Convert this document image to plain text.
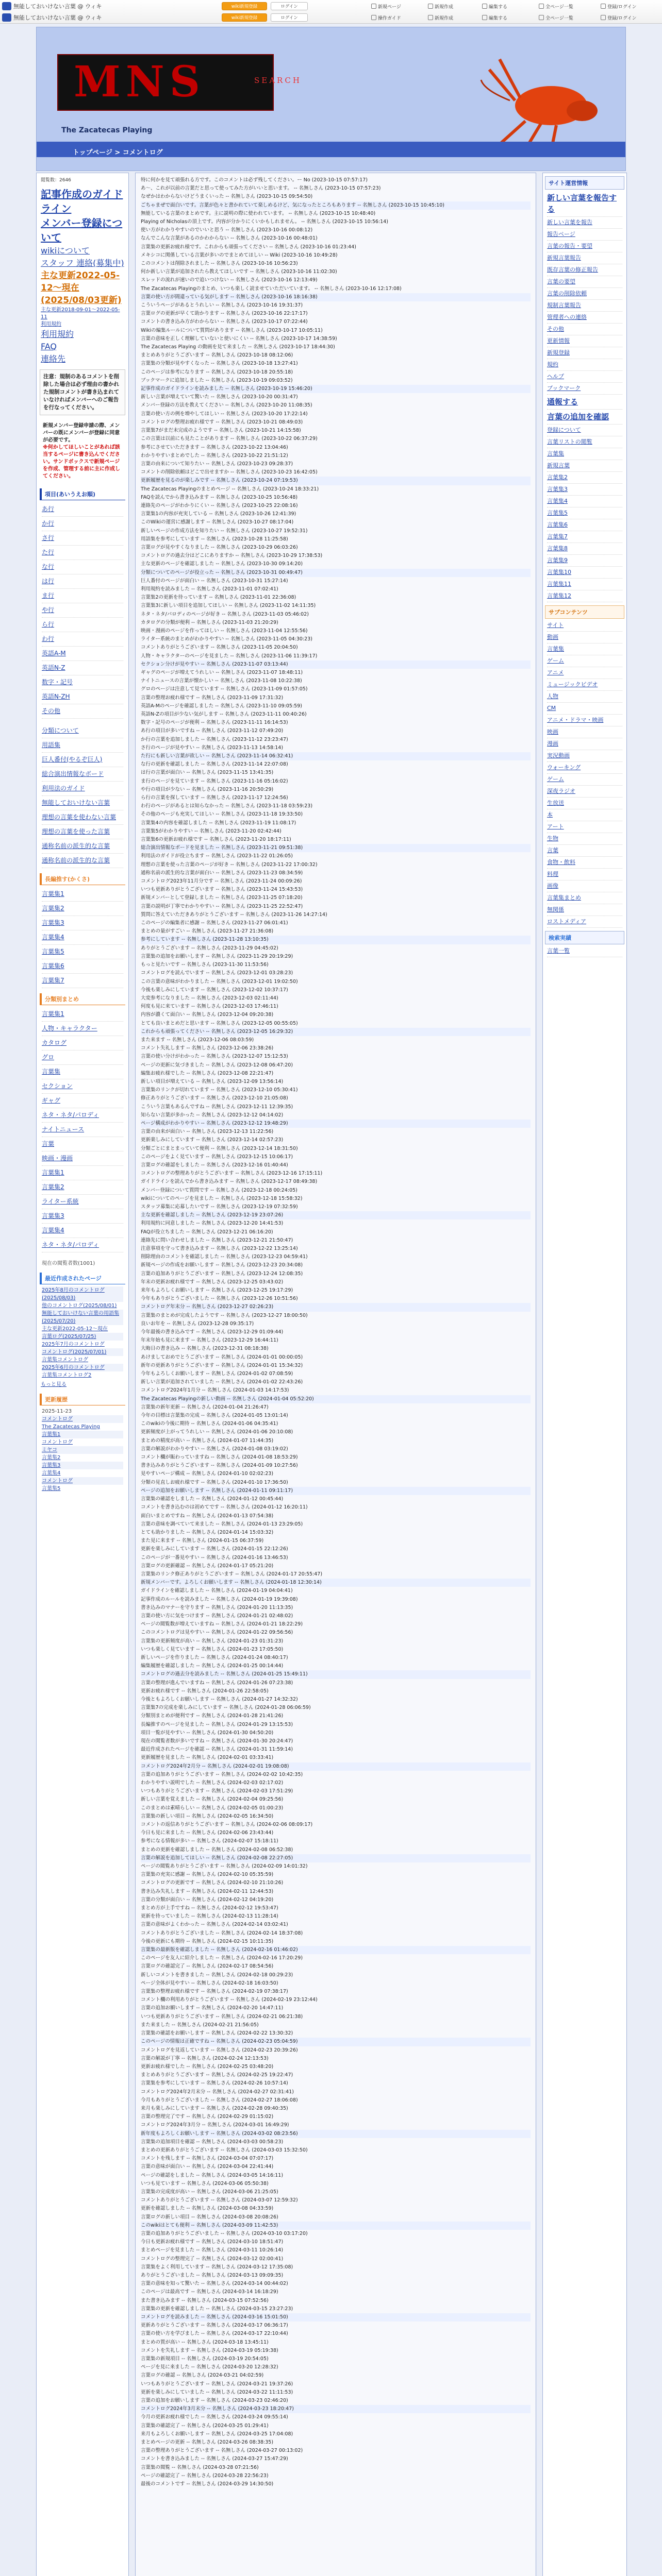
無能しておいけない言葉 @ ウィキ	wiki新規登録	ログイン	新規ページ	新規作成	編集する	全ページ一覧	登録/ログイン
無能しておいけない言葉 @ ウィキ	wiki新規登録	ログイン	操作ガイド	新規作成	編集する	全ページ一覧	登録/ログイン
MNS	SEARCH
The Zacatecas Playing
トップページ > コメントログ
閲覧数：2646
記事作成のガイドライン
メンバー登録について
wikiについて
スタッフ 連絡(募集中)
主な更新2022-05-12～現在(2025/08/03更新)
主な更新2018-09-01～2022-05-11
利用規約
利用規約
FAQ
連絡先
注意：規制のあるコメントを削除した場合は必ず理由の書かれた規制コメントが書き込まれていなければメンバーへのご報告を行なってください。
新規メンバー登録申請の際、メンバーの既にメンバーが登録に同意が必要です。
※何かしてほしいことがあれば該当するページに書き込んでください。サンドボックスで新規ページを作成、管理する前に主に作成してください。
項目(あいうえお順)
あ行
か行
さ行
た行
な行
は行
ま行
や行
ら行
わ行
英語A-M
英語N-Z
数字・記号
英語N-ZH
その他
分類について
用語集
巨人番付(やるぞ巨人)
総合演出情報なボード
利用法のガイド
無能しておいけない言葉
理想の言葉を使わない言葉
理想の言葉を使った言葉
通称名前の派生的な言葉
通称名前の派生的な言葉
長編推す(かくさ)
言葉集1
言葉集2
言葉集3
言葉集4
言葉集5
言葉集6
言葉集7
分類別まとめ
言葉集1
人物・キャラクター
カタログ
グロ
言葉集
セクション
ギャグ
ネタ・ネタ/パロディ
ナイトニュース
言葉
映画・漫画
言葉集1
言葉集2
ライター系統
言葉集3
言葉集4
ネタ・ネタ/パロディ
現在の閲覧者数(1001)
最近作成されたページ
2025年8月のコメントログ(2025/08/03)
他のコメントログ(2025/08/01)
無能しておいけない言葉の用語集(2025/07/20)
主な更新2022-05-12～現在
言葉ログ(2025/07/25)
2025年7月のコメントログ
コメントログ(2025/07/01)
言葉集コメントログ
2025年6月のコメントログ
言葉集コメントログ2
もっと見る
更新履歴
2025-11-23
コメントログ
The Zacatecas Playing
言葉集1
コメントログ
ミヤコ
言葉集2
言葉集3
言葉集4
コメントログ
言葉集5
特に何かを見て頑張れる方です。このコメントは必ず残してください。ー No (2023-10-15 07:57:17)
あ〜、これが以前の言葉だと思って使ってみた方がいいと思います。 -- 名無しさん (2023-10-15 07:57:23)
なぜかはわからないけどうまくいった -- 名無しさん (2023-10-15 09:54:50)
ごちゃまぜで面白いです。言葉が色々と書かれていて楽しめるけど、気になったところもあります -- 名無しさん (2023-10-15 10:45:10)
無能している言葉のまとめです。主に説明の際に使われています。 -- 名無しさん (2023-10-15 10:48:40)
Playing of Nicholasの頂上です。内容が分かりにくいかもしれません。 -- 名無しさん (2023-10-15 10:56:14)
使い方がわかりやすいのでいいと思う -- 名無しさん (2023-10-16 00:08:12)
なんでこんな言葉があるのかわからない -- 名無しさん (2023-10-16 00:48:01)
言葉集の更新お疲れ様です。これからも頑張ってください -- 名無しさん (2023-10-16 01:23:44)
メキシコに関係している言葉が多いのでまとめてほしい -- Wiki (2023-10-16 10:49:28)
このコメントは削除されました -- 名無しさん (2023-10-16 10:56:23)
何か新しい言葉が追加されたら教えてほしいです -- 名無しさん (2023-10-16 11:02:30)
スレッドの流れが速いので追いつけない -- 名無しさん (2023-10-16 12:13:49)
The Zacatecas Playingのまとめ、いつも楽しく読ませていただいています。 -- 名無しさん (2023-10-16 12:17:08)
言葉の使い方が間違っている気がします -- 名無しさん (2023-10-16 18:16:38)
こういうページがあるとうれしい -- 名無しさん (2023-10-16 19:31:37)
言葉ログの更新が早くて助かります -- 名無しさん (2023-10-16 22:17:17)
コメントの書き込み方がわからない -- 名無しさん (2023-10-17 07:22:44)
Wikiの編集ルールについて質問があります -- 名無しさん (2023-10-17 10:05:11)
言葉の意味を正しく理解していないと使いにくい -- 名無しさん (2023-10-17 14:38:59)
The Zacatecas Playing の動画を見て来ました -- 名無しさん (2023-10-17 18:44:30)
まとめありがとうございます -- 名無しさん (2023-10-18 08:12:06)
言葉集の分類が見やすくなった -- 名無しさん (2023-10-18 13:27:41)
このページは参考になります -- 名無しさん (2023-10-18 20:55:18)
ブックマークに追加しました -- 名無しさん (2023-10-19 09:03:52)
記事作成のガイドラインを読みました -- 名無しさん (2023-10-19 15:46:20)
新しい言葉が増えていて驚いた -- 名無しさん (2023-10-20 00:31:47)
メンバー登録の方法を教えてください -- 名無しさん (2023-10-20 11:08:35)
言葉の使い方の例を増やしてほしい -- 名無しさん (2023-10-20 17:22:14)
コメントログの整理お疲れ様です -- 名無しさん (2023-10-21 08:49:03)
言葉集7がまだ未完成のようです -- 名無しさん (2023-10-21 14:15:58)
この言葉は以前にも見たことがあります -- 名無しさん (2023-10-22 06:37:29)
参考にさせていただきます -- 名無しさん (2023-10-22 13:04:46)
わかりやすいまとめでした -- 名無しさん (2023-10-22 21:51:12)
言葉の由来について知りたい -- 名無しさん (2023-10-23 09:28:37)
コメントの削除依頼はどこで出せますか -- 名無しさん (2023-10-23 16:42:05)
更新履歴を見るのが楽しみです -- 名無しさん (2023-10-24 07:19:53)
The Zacatecas Playingのまとめページ -- 名無しさん (2023-10-24 18:33:21)
FAQを読んでから書き込みます -- 名無しさん (2023-10-25 10:56:48)
連絡先のページがわかりにくい -- 名無しさん (2023-10-25 22:08:16)
言葉集1の内容が充実している -- 名無しさん (2023-10-26 12:41:39)
このWikiの運営に感謝します -- 名無しさん (2023-10-27 08:17:04)
新しいページの作成方法を知りたい -- 名無しさん (2023-10-27 19:52:31)
用語集を参考にしています -- 名無しさん (2023-10-28 11:25:58)
言葉ログが見やすくなりました -- 名無しさん (2023-10-29 06:03:26)
コメントログの過去分はどこにありますか -- 名無しさん (2023-10-29 17:38:53)
主な更新のページを確認しました -- 名無しさん (2023-10-30 09:14:20)
分類についてのページが役立った -- 名無しさん (2023-10-31 00:49:47)
巨人番付のページが面白い -- 名無しさん (2023-10-31 15:27:14)
利用規約を読みました -- 名無しさん (2023-11-01 07:02:41)
言葉集2の更新を待っています -- 名無しさん (2023-11-01 22:36:08)
言葉集3に新しい項目を追加してほしい -- 名無しさん (2023-11-02 14:11:35)
ネタ・ネタ/パロディのページが好き -- 名無しさん (2023-11-03 05:46:02)
カタログの分類が便利 -- 名無しさん (2023-11-03 21:20:29)
映画・漫画のページを作ってほしい -- 名無しさん (2023-11-04 12:55:56)
ライター系統のまとめがわかりやすい -- 名無しさん (2023-11-05 04:30:23)
コメントありがとうございます -- 名無しさん (2023-11-05 20:04:50)
人物・キャラクターのページを見ました -- 名無しさん (2023-11-06 11:39:17)
セクション分けが見やすい -- 名無しさん (2023-11-07 03:13:44)
ギャグのページが増えてうれしい -- 名無しさん (2023-11-07 18:48:11)
ナイトニュースの言葉が懐かしい -- 名無しさん (2023-11-08 10:22:38)
グロのページは注意して見ています -- 名無しさん (2023-11-09 01:57:05)
言葉の整理お疲れ様です -- 名無しさん (2023-11-09 17:31:32)
英語A-Mのページを確認しました -- 名無しさん (2023-11-10 09:05:59)
英語N-Zの項目が少ない気がします -- 名無しさん (2023-11-11 00:40:26)
数字・記号のページが便利 -- 名無しさん (2023-11-11 16:14:53)
あ行の項目が多いですね -- 名無しさん (2023-11-12 07:49:20)
か行の言葉を追加しました -- 名無しさん (2023-11-12 23:23:47)
さ行のページが見やすい -- 名無しさん (2023-11-13 14:58:14)
た行にも新しい言葉が欲しい -- 名無しさん (2023-11-14 06:32:41)
な行の更新を確認しました -- 名無しさん (2023-11-14 22:07:08)
は行の言葉が面白い -- 名無しさん (2023-11-15 13:41:35)
ま行のページを見ています -- 名無しさん (2023-11-16 05:16:02)
や行の項目が少ない -- 名無しさん (2023-11-16 20:50:29)
ら行の言葉を探しています -- 名無しさん (2023-11-17 12:24:56)
わ行のページがあるとは知らなかった -- 名無しさん (2023-11-18 03:59:23)
その他のページも充実してほしい -- 名無しさん (2023-11-18 19:33:50)
言葉集4の内容を確認しました -- 名無しさん (2023-11-19 11:08:17)
言葉集5がわかりやすい -- 名無しさん (2023-11-20 02:42:44)
言葉集6の更新お疲れ様です -- 名無しさん (2023-11-20 18:17:11)
総合演出情報なボードを見ました -- 名無しさん (2023-11-21 09:51:38)
利用法のガイドが役立ちます -- 名無しさん (2023-11-22 01:26:05)
理想の言葉を使った言葉のページが好き -- 名無しさん (2023-11-22 17:00:32)
通称名前の派生的な言葉が面白い -- 名無しさん (2023-11-23 08:34:59)
コメントログ2023年11月分です -- 名無しさん (2023-11-24 00:09:26)
いつも更新ありがとうございます -- 名無しさん (2023-11-24 15:43:53)
新規メンバーとして登録しました -- 名無しさん (2023-11-25 07:18:20)
言葉の説明が丁寧でわかりやすい -- 名無しさん (2023-11-25 22:52:47)
質問に答えていただきありがとうございます -- 名無しさん (2023-11-26 14:27:14)
このページの編集者に感謝 -- 名無しさん (2023-11-27 06:01:41)
まとめの量がすごい -- 名無しさん (2023-11-27 21:36:08)
参考にしています -- 名無しさん (2023-11-28 13:10:35)
ありがとうございます -- 名無しさん (2023-11-29 04:45:02)
言葉集の追加をお願いします -- 名無しさん (2023-11-29 20:19:29)
もっと見たいです -- 名無しさん (2023-11-30 11:53:56)
コメントログを読んでいます -- 名無しさん (2023-12-01 03:28:23)
この言葉の意味がわかりました -- 名無しさん (2023-12-01 19:02:50)
今後も楽しみにしています -- 名無しさん (2023-12-02 10:37:17)
大変参考になりました -- 名無しさん (2023-12-03 02:11:44)
何度も見に来ています -- 名無しさん (2023-12-03 17:46:11)
内容が濃くて面白い -- 名無しさん (2023-12-04 09:20:38)
とても良いまとめだと思います -- 名無しさん (2023-12-05 00:55:05)
これからも頑張ってください -- 名無しさん (2023-12-05 16:29:32)
また来ます -- 名無しさん (2023-12-06 08:03:59)
コメント失礼します -- 名無しさん (2023-12-06 23:38:26)
言葉の使い分けがわかった -- 名無しさん (2023-12-07 15:12:53)
ページの更新に気づきました -- 名無しさん (2023-12-08 06:47:20)
編集お疲れ様でした -- 名無しさん (2023-12-08 22:21:47)
新しい項目が増えている -- 名無しさん (2023-12-09 13:56:14)
言葉集のリンクが切れています -- 名無しさん (2023-12-10 05:30:41)
修正ありがとうございます -- 名無しさん (2023-12-10 21:05:08)
こういう言葉もあるんですね -- 名無しさん (2023-12-11 12:39:35)
知らない言葉が多かった -- 名無しさん (2023-12-12 04:14:02)
ページ構成がわかりやすい -- 名無しさん (2023-12-12 19:48:29)
言葉の由来が面白い -- 名無しさん (2023-12-13 11:22:56)
更新楽しみにしています -- 名無しさん (2023-12-14 02:57:23)
分類ごとにまとまっていて便利 -- 名無しさん (2023-12-14 18:31:50)
このページをよく見ています -- 名無しさん (2023-12-15 10:06:17)
言葉ログの確認をしました -- 名無しさん (2023-12-16 01:40:44)
コメントログの整理ありがとうございます -- 名無しさん (2023-12-16 17:15:11)
ガイドラインを読んでから書き込みます -- 名無しさん (2023-12-17 08:49:38)
メンバー登録について質問です -- 名無しさん (2023-12-18 00:24:05)
wikiについてのページを見ました -- 名無しさん (2023-12-18 15:58:32)
スタッフ募集に応募したいです -- 名無しさん (2023-12-19 07:32:59)
主な更新を確認しました -- 名無しさん (2023-12-19 23:07:26)
利用規約に同意しました -- 名無しさん (2023-12-20 14:41:53)
FAQが役立ちました -- 名無しさん (2023-12-21 06:16:20)
連絡先に問い合わせしました -- 名無しさん (2023-12-21 21:50:47)
注意事項を守って書き込みます -- 名無しさん (2023-12-22 13:25:14)
削除理由のコメントを確認しました -- 名無しさん (2023-12-23 04:59:41)
新規ページの作成をお願いします -- 名無しさん (2023-12-23 20:34:08)
言葉の追加ありがとうございます -- 名無しさん (2023-12-24 12:08:35)
年末の更新お疲れ様です -- 名無しさん (2023-12-25 03:43:02)
来年もよろしくお願いします -- 名無しさん (2023-12-25 19:17:29)
今年もありがとうございました -- 名無しさん (2023-12-26 10:51:56)
コメントログ年末分 -- 名無しさん (2023-12-27 02:26:23)
言葉集のまとめが完成したようです -- 名無しさん (2023-12-27 18:00:50)
良いお年を -- 名無しさん (2023-12-28 09:35:17)
今年最後の書き込みです -- 名無しさん (2023-12-29 01:09:44)
年末年始も見に来ます -- 名無しさん (2023-12-29 16:44:11)
大晦日の書き込み -- 名無しさん (2023-12-31 08:18:38)
あけましておめでとうございます -- 名無しさん (2024-01-01 00:00:05)
新年の更新ありがとうございます -- 名無しさん (2024-01-01 15:34:32)
今年もよろしくお願いします -- 名無しさん (2024-01-02 07:08:59)
新しい言葉が追加されていました -- 名無しさん (2024-01-02 22:43:26)
コメントログ2024年1月分 -- 名無しさん (2024-01-03 14:17:53)
The Zacatecas Playingの新しい動画 -- 名無しさん (2024-01-04 05:52:20)
言葉集の新年更新 -- 名無しさん (2024-01-04 21:26:47)
今年の目標は言葉集の完成 -- 名無しさん (2024-01-05 13:01:14)
このwikiの今後に期待 -- 名無しさん (2024-01-06 04:35:41)
更新頻度が上がってうれしい -- 名無しさん (2024-01-06 20:10:08)
まとめの精度が高い -- 名無しさん (2024-01-07 11:44:35)
言葉の解説がわかりやすい -- 名無しさん (2024-01-08 03:19:02)
コメント欄が賑わっていますね -- 名無しさん (2024-01-08 18:53:29)
書き込みありがとうございます -- 名無しさん (2024-01-09 10:27:56)
見やすいページ構成 -- 名無しさん (2024-01-10 02:02:23)
分類の見直しお疲れ様です -- 名無しさん (2024-01-10 17:36:50)
ページの追加をお願いします -- 名無しさん (2024-01-11 09:11:17)
言葉集の確認をしました -- 名無しさん (2024-01-12 00:45:44)
コメントを書き込むのは初めてです -- 名無しさん (2024-01-12 16:20:11)
面白いまとめですね -- 名無しさん (2024-01-13 07:54:38)
言葉の意味を調べていて来ました -- 名無しさん (2024-01-13 23:29:05)
とても助かりました -- 名無しさん (2024-01-14 15:03:32)
また見に来ます -- 名無しさん (2024-01-15 06:37:59)
更新を楽しみにしています -- 名無しさん (2024-01-15 22:12:26)
このページが一番見やすい -- 名無しさん (2024-01-16 13:46:53)
言葉ログの更新確認 -- 名無しさん (2024-01-17 05:21:20)
言葉集のリンク修正ありがとうございます -- 名無しさん (2024-01-17 20:55:47)
新規メンバーです。よろしくお願いします -- 名無しさん (2024-01-18 12:30:14)
ガイドラインを確認しました -- 名無しさん (2024-01-19 04:04:41)
記事作成のルールを読みました -- 名無しさん (2024-01-19 19:39:08)
書き込みのマナーを守ります -- 名無しさん (2024-01-20 11:13:35)
言葉の使い方に気をつけます -- 名無しさん (2024-01-21 02:48:02)
ページの閲覧数が増えていますね -- 名無しさん (2024-01-21 18:22:29)
このコメントログは見やすい -- 名無しさん (2024-01-22 09:56:56)
言葉集の更新頻度が高い -- 名無しさん (2024-01-23 01:31:23)
いつも楽しく見ています -- 名無しさん (2024-01-23 17:05:50)
新しいページを作りました -- 名無しさん (2024-01-24 08:40:17)
編集履歴を確認しました -- 名無しさん (2024-01-25 00:14:44)
コメントログの過去分を読みました -- 名無しさん (2024-01-25 15:49:11)
言葉の整理が進んでいますね -- 名無しさん (2024-01-26 07:23:38)
更新お疲れ様です -- 名無しさん (2024-01-26 22:58:05)
今後ともよろしくお願いします -- 名無しさん (2024-01-27 14:32:32)
言葉集7の完成を楽しみにしています -- 名無しさん (2024-01-28 06:06:59)
分類別まとめが便利です -- 名無しさん (2024-01-28 21:41:26)
長編推すのページを見ました -- 名無しさん (2024-01-29 13:15:53)
項目一覧が見やすい -- 名無しさん (2024-01-30 04:50:20)
現在の閲覧者数が多いですね -- 名無しさん (2024-01-30 20:24:47)
最近作成されたページを確認 -- 名無しさん (2024-01-31 11:59:14)
更新履歴を見ました -- 名無しさん (2024-02-01 03:33:41)
コメントログ2024年2月分 -- 名無しさん (2024-02-01 19:08:08)
言葉の追加ありがとうございます -- 名無しさん (2024-02-02 10:42:35)
わかりやすい説明でした -- 名無しさん (2024-02-03 02:17:02)
いつもありがとうございます -- 名無しさん (2024-02-03 17:51:29)
新しい言葉を覚えました -- 名無しさん (2024-02-04 09:25:56)
このまとめは素晴らしい -- 名無しさん (2024-02-05 01:00:23)
言葉集の新しい項目 -- 名無しさん (2024-02-05 16:34:50)
コメントの返信ありがとうございます -- 名無しさん (2024-02-06 08:09:17)
今日も見に来ました -- 名無しさん (2024-02-06 23:43:44)
参考になる情報が多い -- 名無しさん (2024-02-07 15:18:11)
まとめの更新を確認しました -- 名無しさん (2024-02-08 06:52:38)
言葉の解説を追加してほしい -- 名無しさん (2024-02-08 22:27:05)
ページの閲覧ありがとうございます -- 名無しさん (2024-02-09 14:01:32)
言葉集の充実に感謝 -- 名無しさん (2024-02-10 05:35:59)
コメントログの更新です -- 名無しさん (2024-02-10 21:10:26)
書き込み失礼します -- 名無しさん (2024-02-11 12:44:53)
言葉の分類が面白い -- 名無しさん (2024-02-12 04:19:20)
まとめ方が上手ですね -- 名無しさん (2024-02-12 19:53:47)
更新を待っていました -- 名無しさん (2024-02-13 11:28:14)
言葉の意味がよくわかった -- 名無しさん (2024-02-14 03:02:41)
コメントありがとうございました -- 名無しさん (2024-02-14 18:37:08)
今後の更新にも期待 -- 名無しさん (2024-02-15 10:11:35)
言葉集の最新版を確認しました -- 名無しさん (2024-02-16 01:46:02)
このページを友人に紹介しました -- 名無しさん (2024-02-16 17:20:29)
言葉ログの確認完了 -- 名無しさん (2024-02-17 08:54:56)
新しいコメントを書きました -- 名無しさん (2024-02-18 00:29:23)
ページ全体が見やすい -- 名無しさん (2024-02-18 16:03:50)
言葉集の整理お疲れ様です -- 名無しさん (2024-02-19 07:38:17)
コメント欄の利用ありがとうございます -- 名無しさん (2024-02-19 23:12:44)
言葉の追加お願いします -- 名無しさん (2024-02-20 14:47:11)
いつも更新ありがとうございます -- 名無しさん (2024-02-21 06:21:38)
また来ました -- 名無しさん (2024-02-21 21:56:05)
言葉集の確認をお願いします -- 名無しさん (2024-02-22 13:30:32)
このページの情報は正確ですね -- 名無しさん (2024-02-23 05:04:59)
コメントログを見返しています -- 名無しさん (2024-02-23 20:39:26)
言葉の解説が丁寧 -- 名無しさん (2024-02-24 12:13:53)
更新お疲れ様でした -- 名無しさん (2024-02-25 03:48:20)
まとめありがとうございます -- 名無しさん (2024-02-25 19:22:47)
言葉集を参考にしています -- 名無しさん (2024-02-26 10:57:14)
コメントログ2024年2月末分 -- 名無しさん (2024-02-27 02:31:41)
今月もありがとうございました -- 名無しさん (2024-02-27 18:06:08)
来月も楽しみにしています -- 名無しさん (2024-02-28 09:40:35)
言葉の整理完了です -- 名無しさん (2024-02-29 01:15:02)
コメントログ2024年3月分 -- 名無しさん (2024-03-01 16:49:29)
新年度もよろしくお願いします -- 名無しさん (2024-03-02 08:23:56)
言葉集の追加項目を確認 -- 名無しさん (2024-03-03 00:58:23)
まとめの更新ありがとうございます -- 名無しさん (2024-03-03 15:32:50)
コメントを残します -- 名無しさん (2024-03-04 07:07:17)
言葉の意味が面白い -- 名無しさん (2024-03-04 22:41:44)
ページの確認をしました -- 名無しさん (2024-03-05 14:16:11)
いつも見ています -- 名無しさん (2024-03-06 05:50:38)
言葉集の完成度が高い -- 名無しさん (2024-03-06 21:25:05)
コメントありがとうございます -- 名無しさん (2024-03-07 12:59:32)
更新を確認しました -- 名無しさん (2024-03-08 04:33:59)
言葉ログの新しい項目 -- 名無しさん (2024-03-08 20:08:26)
このwikiはとても便利 -- 名無しさん (2024-03-09 11:42:53)
言葉の追加ありがとうございました -- 名無しさん (2024-03-10 03:17:20)
今日も更新お疲れ様です -- 名無しさん (2024-03-10 18:51:47)
まとめページを見ました -- 名無しさん (2024-03-11 10:26:14)
コメントログの整理完了 -- 名無しさん (2024-03-12 02:00:41)
言葉集をよく利用しています -- 名無しさん (2024-03-12 17:35:08)
ありがとうございました -- 名無しさん (2024-03-13 09:09:35)
言葉の意味を知って驚いた -- 名無しさん (2024-03-14 00:44:02)
このページは最高です -- 名無しさん (2024-03-14 16:18:29)
また書き込みます -- 名無しさん (2024-03-15 07:52:56)
言葉集の更新を確認しました -- 名無しさん (2024-03-15 23:27:23)
コメントログを読みました -- 名無しさん (2024-03-16 15:01:50)
更新ありがとうございます -- 名無しさん (2024-03-17 06:36:17)
言葉の使い方を学びました -- 名無しさん (2024-03-17 22:10:44)
まとめの質が高い -- 名無しさん (2024-03-18 13:45:11)
コメントを失礼します -- 名無しさん (2024-03-19 05:19:38)
言葉集の新規項目 -- 名無しさん (2024-03-19 20:54:05)
ページを見に来ました -- 名無しさん (2024-03-20 12:28:32)
言葉ログの確認 -- 名無しさん (2024-03-21 04:02:59)
いつもありがとうございます -- 名無しさん (2024-03-21 19:37:26)
更新を楽しみにしていました -- 名無しさん (2024-03-22 11:11:53)
言葉の追加をお願いします -- 名無しさん (2024-03-23 02:46:20)
コメントログ2024年3月末分 -- 名無しさん (2024-03-23 18:20:47)
今月の更新お疲れ様でした -- 名無しさん (2024-03-24 09:55:14)
言葉集の確認完了 -- 名無しさん (2024-03-25 01:29:41)
来月もよろしくお願いします -- 名無しさん (2024-03-25 17:04:08)
まとめページの更新 -- 名無しさん (2024-03-26 08:38:35)
言葉の整理ありがとうございます -- 名無しさん (2024-03-27 00:13:02)
コメントを書き込みました -- 名無しさん (2024-03-27 15:47:29)
言葉集の閲覧 -- 名無しさん (2024-03-28 07:21:56)
ページの確認完了 -- 名無しさん (2024-03-28 22:56:23)
最後のコメントです -- 名無しさん (2024-03-29 14:30:50)
サイト運営情報
新しい言葉を報告する
新しい言葉を報告
報告ページ
言葉の報告・要望
新規言葉報告
既存言葉の修正報告
言葉の要望
言葉の削除依頼
規制言葉報告
管理者への連絡
その他
更新情報
新規登録
規約
ヘルプ
ブックマーク
通報する
言葉の追加を確認
登録について
言葉リストの閲覧
言葉集
新規言葉
言葉集2
言葉集3
言葉集4
言葉集5
言葉集6
言葉集7
言葉集8
言葉集9
言葉集10
言葉集11
言葉集12
サブコンテンツ
サイト
動画
言葉集
ゲーム
アニメ
ミュージックビデオ
人物
CM
アニメ・ドラマ・映画
映画
漫画
実況動画
ウォーキング
ゲーム
深夜ラジオ
生放送
本
アート
生物
言葉
食物・飲料
料理
画像
言葉集まとめ
無関係
ロストメディア
検索実績
言葉一覧
